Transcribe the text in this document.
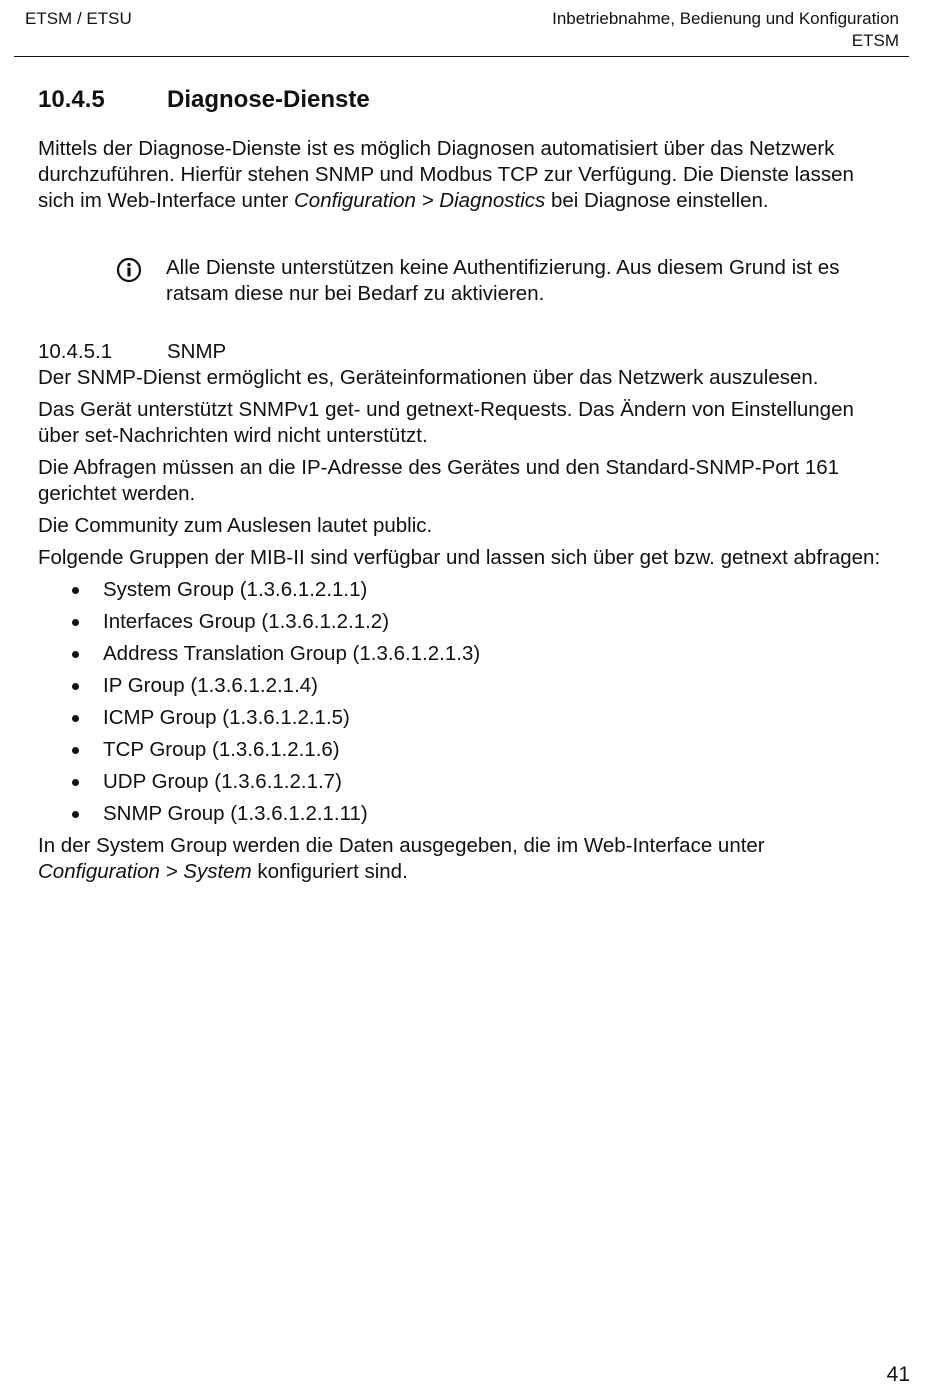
ETSM / ETSU	Inbetriebnahme, Bedienung und Konfiguration
ETSM
10.4.5	Diagnose-Dienste

Mittels der Diagnose-Dienste ist es möglich Diagnosen automatisiert über das Netzwerk durchzuführen. Hierfür stehen SNMP und Modbus TCP zur Verfügung. Die Dienste lassen sich im Web-Interface unter Configuration > Diagnostics bei Diagnose einstellen.

Alle Dienste unterstützen keine Authentifizierung. Aus diesem Grund ist es ratsam diese nur bei Bedarf zu aktivieren.
10.4.5.1	SNMP

Der SNMP-Dienst ermöglicht es, Geräteinformationen über das Netzwerk auszulesen.

Das Gerät unterstützt SNMPv1 get- und getnext-Requests. Das Ändern von Einstellungen über set-Nachrichten wird nicht unterstützt.

Die Abfragen müssen an die IP-Adresse des Gerätes und den Standard-SNMP-Port 161 gerichtet werden.

Die Community zum Auslesen lautet public.

Folgende Gruppen der MIB-II sind verfügbar und lassen sich über get bzw. getnext abfragen:

System Group (1.3.6.1.2.1.1)
Interfaces Group (1.3.6.1.2.1.2)
Address Translation Group (1.3.6.1.2.1.3)
IP Group (1.3.6.1.2.1.4)
ICMP Group (1.3.6.1.2.1.5)
TCP Group (1.3.6.1.2.1.6)
UDP Group (1.3.6.1.2.1.7)
SNMP Group (1.3.6.1.2.1.11)

In der System Group werden die Daten ausgegeben, die im Web-Interface unter Configuration > System konfiguriert sind.

41
